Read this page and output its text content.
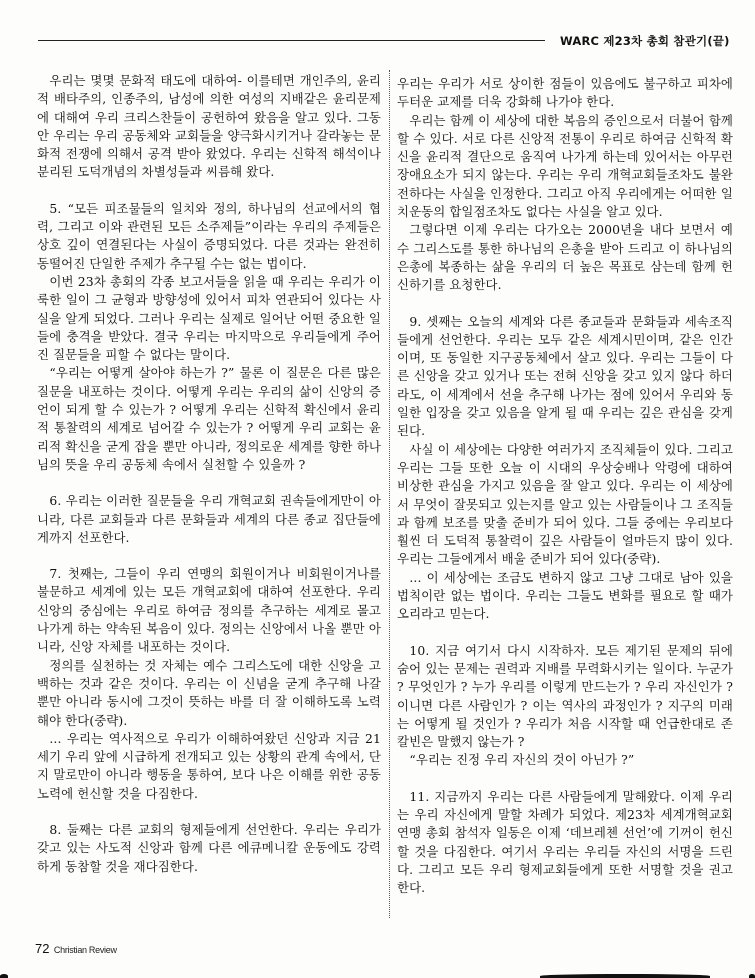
WARC 제23차 총회 참관기(끝)

우리는 몇몇 문화적 태도에 대하여- 이를테면 개인주의, 윤리적 배타주의, 인종주의, 남성에 의한 여성의 지배같은 윤리문제에 대해여 우리 크리스찬들이 공헌하여 왔음을 알고 있다. 그동안 우리는 우리 공동체와 교회들을 양극화시키거나 갈라놓는 문화적 전쟁에 의해서 공격 받아 왔었다. 우리는 신학적 해석이나 분리된 도덕개념의 차별성들과 씨름해 왔다.

5. “모든 피조물들의 일치와 정의, 하나님의 선교에서의 협력, 그리고 이와 관련된 모든 소주제들”이라는 우리의 주제들은 상호 깊이 연결된다는 사실이 증명되었다. 다른 것과는 완전히 동떨어진 단일한 주제가 추구될 수는 없는 법이다.

이번 23차 총회의 각종 보고서들을 읽을 때 우리는 우리가 이룩한 일이 그 균형과 방향성에 있어서 피차 연관되어 있다는 사실을 알게 되었다. 그러나 우리는 실제로 일어난 어떤 중요한 일들에 충격을 받았다. 결국 우리는 마지막으로 우리들에게 주어진 질문들을 피할 수 없다는 말이다.

“우리는 어떻게 살아야 하는가 ?” 물론 이 질문은 다른 많은 질문을 내포하는 것이다. 어떻게 우리는 우리의 삶이 신앙의 증언이 되게 할 수 있는가 ? 어떻게 우리는 신학적 확신에서 윤리적 통찰력의 세계로 넘어갈 수 있는가 ? 어떻게 우리 교회는 윤리적 확신을 굳게 잡을 뿐만 아니라, 정의로운 세계를 향한 하나님의 뜻을 우리 공동체 속에서 실천할 수 있을까 ?

6. 우리는 이러한 질문들을 우리 개혁교회 권속들에게만이 아니라, 다른 교회들과 다른 문화들과 세계의 다른 종교 집단들에게까지 선포한다.

7. 첫째는, 그들이 우리 연맹의 회원이거나 비회원이거나를 불문하고 세계에 있는 모든 개혁교회에 대하여 선포한다. 우리 신앙의 중심에는 우리로 하여금 정의를 추구하는 세계로 몰고 나가게 하는 약속된 복음이 있다. 정의는 신앙에서 나올 뿐만 아니라, 신앙 자체를 내포하는 것이다.

정의를 실천하는 것 자체는 예수 그리스도에 대한 신앙을 고백하는 것과 같은 것이다. 우리는 이 신념을 굳게 추구해 나갈 뿐만 아니라 동시에 그것이 뜻하는 바를 더 잘 이해하도록 노력해야 한다(중략).

... 우리는 역사적으로 우리가 이해하여왔던 신앙과 지금 21세기 우리 앞에 시급하게 전개되고 있는 상황의 관계 속에서, 단지 말로만이 아니라 행동을 통하여, 보다 나은 이해를 위한 공동노력에 헌신할 것을 다짐한다.

8. 둘째는 다른 교회의 형제들에게 선언한다. 우리는 우리가 갖고 있는 사도적 신앙과 함께 다른 에큐메니칼 운동에도 강력하게 동참할 것을 재다짐한다.

우리는 우리가 서로 상이한 점들이 있음에도 불구하고 피차에 두터운 교제를 더욱 강화해 나가야 한다.

우리는 함께 이 세상에 대한 복음의 증인으로서 더불어 함께 할 수 있다. 서로 다른 신앙적 전통이 우리로 하여금 신학적 확신을 윤리적 결단으로 움직여 나가게 하는데 있어서는 아무런 장애요소가 되지 않는다. 우리는 우리 개혁교회들조차도 불완전하다는 사실을 인정한다. 그리고 아직 우리에게는 어떠한 일치운동의 합일점조차도 없다는 사실을 알고 있다.

그렇다면 이제 우리는 다가오는 2000년을 내다 보면서 예수 그리스도를 통한 하나님의 은총을 받아 드리고 이 하나님의 은총에 복종하는 삶을 우리의 더 높은 목표로 삼는데 함께 헌신하기를 요청한다.

9. 셋째는 오늘의 세계와 다른 종교들과 문화들과 세속조직들에게 선언한다. 우리는 모두 같은 세계시민이며, 같은 인간이며, 또 동일한 지구공동체에서 살고 있다. 우리는 그들이 다른 신앙을 갖고 있거나 또는 전혀 신앙을 갖고 있지 않다 하더라도, 이 세계에서 선을 추구해 나가는 점에 있어서 우리와 동일한 입장을 갖고 있음을 알게 될 때 우리는 깊은 관심을 갖게 된다.

사실 이 세상에는 다양한 여러가지 조직체들이 있다. 그리고 우리는 그들 또한 오늘 이 시대의 우상숭배나 악령에 대하여 비상한 관심을 가지고 있음을 잘 알고 있다. 우리는 이 세상에서 무엇이 잘못되고 있는지를 알고 있는 사람들이나 그 조직들과 함께 보조를 맞출 준비가 되어 있다. 그들 중에는 우리보다 훨씬 더 도덕적 통찰력이 깊은 사람들이 얼마든지 많이 있다. 우리는 그들에게서 배울 준비가 되어 있다(중략).

... 이 세상에는 조금도 변하지 않고 그냥 그대로 남아 있을 법칙이란 없는 법이다. 우리는 그들도 변화를 필요로 할 때가 오리라고 믿는다.

10. 지금 여기서 다시 시작하자. 모든 제기된 문제의 뒤에 숨어 있는 문제는 권력과 지배를 무력화시키는 일이다. 누군가 ? 무엇인가 ? 누가 우리를 이렇게 만드는가 ? 우리 자신인가 ? 이니면 다른 사람인가 ? 이는 역사의 과정인가 ? 지구의 미래는 어떻게 될 것인가 ? 우리가 처음 시작할 때 언급한대로 존 칼빈은 말했지 않는가 ?

“우리는 진정 우리 자신의 것이 아닌가 ?”

11. 지금까지 우리는 다른 사람들에게 말해왔다. 이제 우리는 우리 자신에게 말할 차례가 되었다. 제23차 세계개혁교회연맹 총회 참석자 일동은 이제 ‘데브레첸 선언’에 기꺼이 헌신할 것을 다짐한다. 여기서 우리는 우리들 자신의 서명을 드린다. 그리고 모든 우리 형제교회들에게 또한 서명할 것을 권고한다.

72 Christian Review
